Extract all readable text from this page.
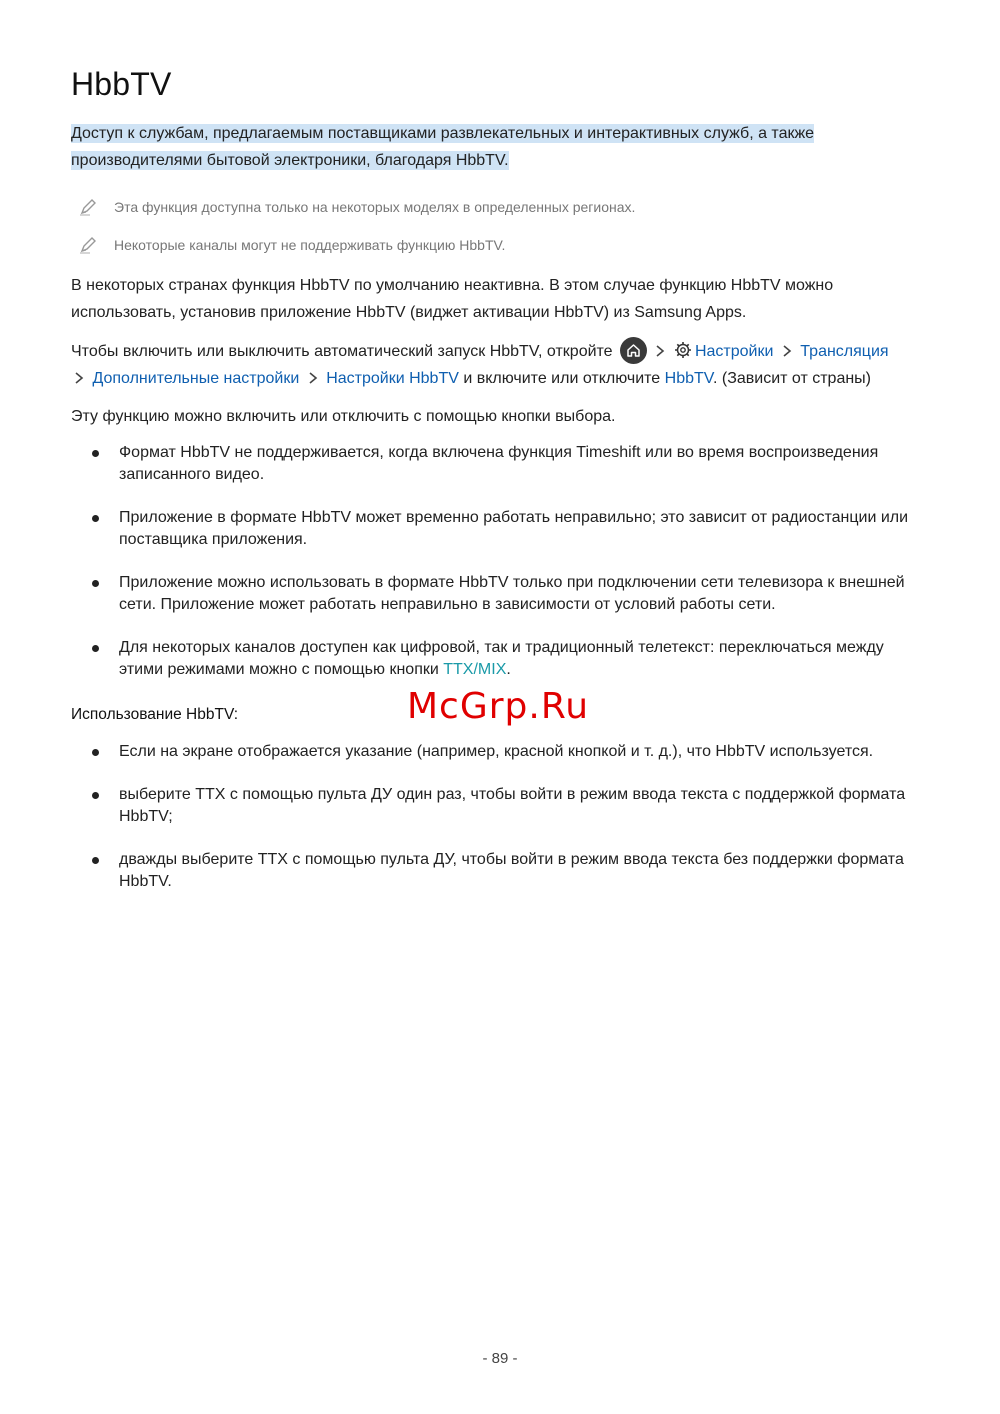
HbbTV
Доступ к службам, предлагаемым поставщиками развлекательных и интерактивных служб, а также
производителями бытовой электроники, благодаря HbbTV.
Эта функция доступна только на некоторых моделях в определенных регионах.
Некоторые каналы могут не поддерживать функцию HbbTV.
В некоторых странах функция HbbTV по умолчанию неактивна. В этом случае функцию HbbTV можно
использовать, установив приложение HbbTV (виджет активации HbbTV) из Samsung Apps.
Чтобы включить или выключить автоматический запуск HbbTV, откройте	Настройки Трансляция
Дополнительные настройки Настройки HbbTV и включите или отключите HbbTV. (Зависит от страны)
Эту функцию можно включить или отключить с помощью кнопки выбора.
Формат HbbTV не поддерживается, когда включена функция Timeshift или во время воспроизведения
записанного видео.
Приложение в формате HbbTV может временно работать неправильно; это зависит от радиостанции или
поставщика приложения.
Приложение можно использовать в формате HbbTV только при подключении сети телевизора к внешней
сети. Приложение может работать неправильно в зависимости от условий работы сети.
Для некоторых каналов доступен как цифровой, так и традиционный телетекст: переключаться между
этими режимами можно с помощью кнопки TTX/MIX.
Использование HbbTV:	McGrp.Ru
Если на экране отображается указание (например, красной кнопкой и т. д.), что HbbTV используется.
выберите TTX с помощью пульта ДУ один раз, чтобы войти в режим ввода текста с поддержкой формата
HbbTV;
дважды выберите TTX с помощью пульта ДУ, чтобы войти в режим ввода текста без поддержки формата
HbbTV.
- 89 -
